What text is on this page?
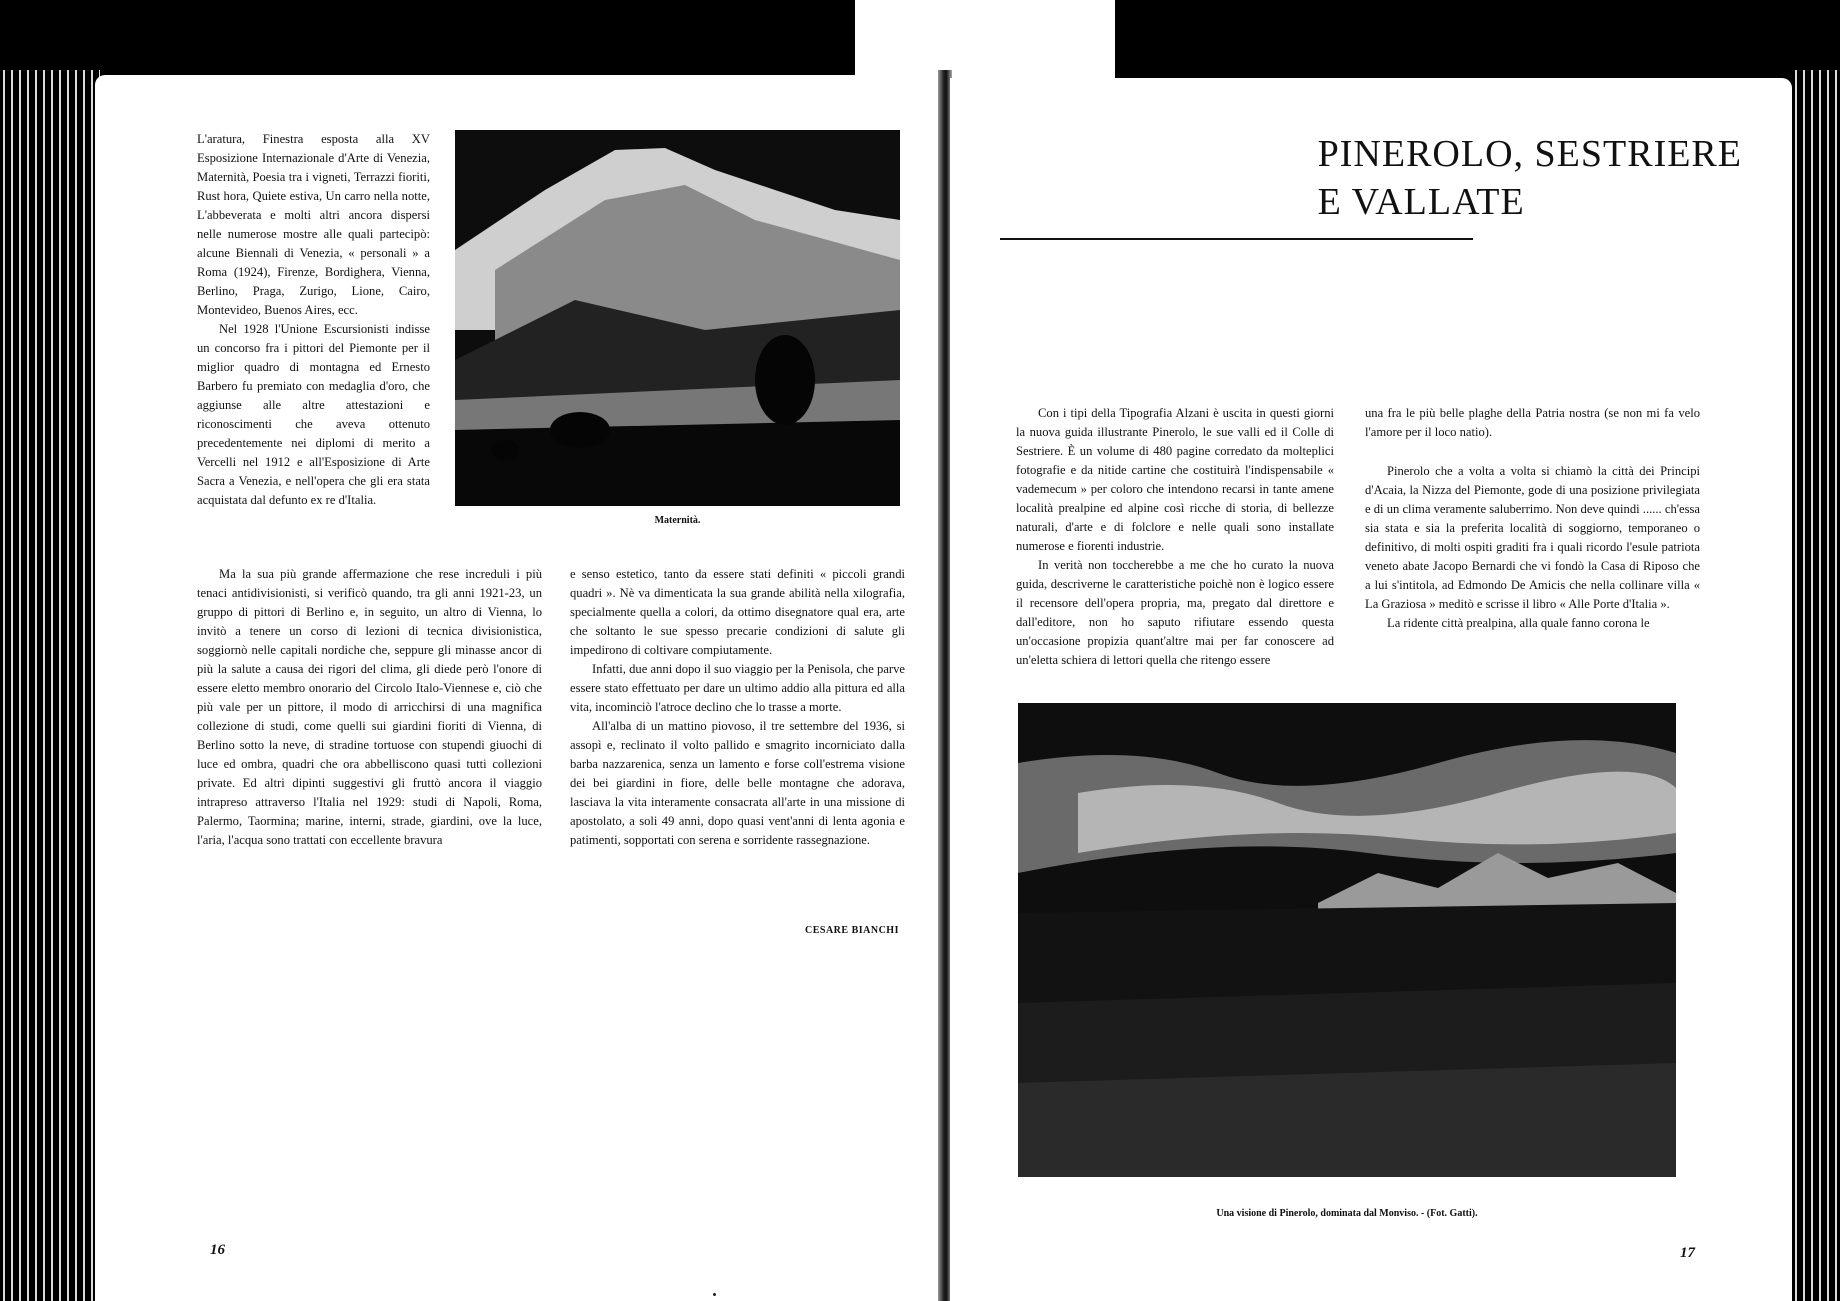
L'aratura, Finestra esposta alla XV Esposizione Internazionale d'Arte di Venezia, Maternità, Poesia tra i vigneti, Terrazzi fioriti, Rust hora, Quiete estiva, Un carro nella notte, L'abbeverata e molti altri ancora dispersi nelle numerose mostre alle quali partecipò: alcune Biennali di Venezia, « personali » a Roma (1924), Firenze, Bordighera, Vienna, Berlino, Praga, Zurigo, Lione, Cairo, Montevideo, Buenos Aires, ecc.

Nel 1928 l'Unione Escursionisti indisse un concorso fra i pittori del Piemonte per il miglior quadro di montagna ed Ernesto Barbero fu premiato con medaglia d'oro, che aggiunse alle altre attestazioni e riconoscimenti che aveva ottenuto precedentemente nei diplomi di merito a Vercelli nel 1912 e all'Esposizione di Arte Sacra a Venezia, e nell'opera che gli era stata acquistata dal defunto ex re d'Italia.

Maternità.

Ma la sua più grande affermazione che rese increduli i più tenaci antidivisionisti, si verificò quando, tra gli anni 1921-23, un gruppo di pittori di Berlino e, in seguito, un altro di Vienna, lo invitò a tenere un corso di lezioni di tecnica divisionistica, soggiornò nelle capitali nordiche che, seppure gli minasse ancor di più la salute a causa dei rigori del clima, gli diede però l'onore di essere eletto membro onorario del Circolo Italo-Viennese e, ciò che più vale per un pittore, il modo di arricchirsi di una magnifica collezione di studi, come quelli sui giardini fioriti di Vienna, di Berlino sotto la neve, di stradine tortuose con stupendi giuochi di luce ed ombra, quadri che ora abbelliscono quasi tutti collezioni private. Ed altri dipinti suggestivi gli fruttò ancora il viaggio intrapreso attraverso l'Italia nel 1929: studi di Napoli, Roma, Palermo, Taormina; marine, interni, strade, giardini, ove la luce, l'aria, l'acqua sono trattati con eccellente bravura

e senso estetico, tanto da essere stati definiti « piccoli grandi quadri ». Nè va dimenticata la sua grande abilità nella xilografia, specialmente quella a colori, da ottimo disegnatore qual era, arte che soltanto le sue spesso precarie condizioni di salute gli impedirono di coltivare compiutamente.

Infatti, due anni dopo il suo viaggio per la Penisola, che parve essere stato effettuato per dare un ultimo addio alla pittura ed alla vita, incominciò l'atroce declino che lo trasse a morte.

All'alba di un mattino piovoso, il tre settembre del 1936, si assopì e, reclinato il volto pallido e smagrito incorniciato dalla barba nazzarenica, senza un lamento e forse coll'estrema visione dei bei giardini in fiore, delle belle montagne che adorava, lasciava la vita interamente consacrata all'arte in una missione di apostolato, a soli 49 anni, dopo quasi vent'anni di lenta agonia e patimenti, sopportati con serena e sorridente rassegnazione.

CESARE BIANCHI
16
PINEROLO, SESTRIERE
E VALLATE

Con i tipi della Tipografia Alzani è uscita in questi giorni la nuova guida illustrante Pinerolo, le sue valli ed il Colle di Sestriere. È un volume di 480 pagine corredato da molteplici fotografie e da nitide cartine che costituirà l'indispensabile « vademecum » per coloro che intendono recarsi in tante amene località prealpine ed alpine così ricche di storia, di bellezze naturali, d'arte e di folclore e nelle quali sono installate numerose e fiorenti industrie.

In verità non toccherebbe a me che ho curato la nuova guida, descriverne le caratteristiche poichè non è logico essere il recensore dell'opera propria, ma, pregato dal direttore e dall'editore, non ho saputo rifiutare essendo questa un'occasione propizia quant'altre mai per far conoscere ad un'eletta schiera di lettori quella che ritengo essere

una fra le più belle plaghe della Patria nostra (se non mi fa velo l'amore per il loco natio).

Pinerolo che a volta a volta si chiamò la città dei Principi d'Acaia, la Nizza del Piemonte, gode di una posizione privilegiata e di un clima veramente saluberrimo. Non deve quindi ...... ch'essa sia stata e sia la preferita località di soggiorno, temporaneo o definitivo, di molti ospiti graditi fra i quali ricordo l'esule patriota veneto abate Jacopo Bernardi che vi fondò la Casa di Riposo che a lui s'intitola, ad Edmondo De Amicis che nella collinare villa « La Graziosa » meditò e scrisse il libro « Alle Porte d'Italia ».

La ridente città prealpina, alla quale fanno corona le

Una visione di Pinerolo, dominata dal Monviso. - (Fot. Gatti).
17
